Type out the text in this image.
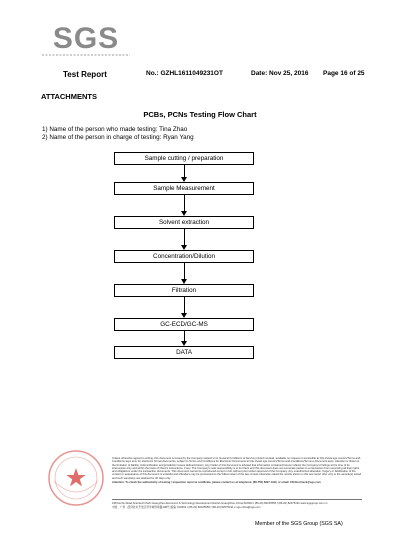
SGS
Test Report	No.: GZHL1611049231OT	Date: Nov 25, 2016 Page 16 of 25
ATTACHMENTS
PCBs, PCNs Testing Flow Chart
1) Name of the person who made testing: Tina Zhao
2) Name of the person in charge of testing: Ryan Yang
Sample cutting / preparation
Sample Measurement
Solvent extraction
Concentration/Dilution
Filtration
GC-ECD/GC-MS
DATA
Unless otherwise agreed in writing, this document is issued by the Company subject to its General Conditions of Service printed overleaf, available on request or accessible at http://www.sgs.com/en/Terms-and-Conditions.aspx and, for electronic format documents, subject to Terms and Conditions for Electronic Documents at http://www.sgs.com/en/Terms-and-Conditions/Terms-e-Document.aspx. Attention is drawn to the limitation of liability, indemnification and jurisdiction issues defined therein. Any holder of this document is advised that information contained hereon reflects the Company's findings at the time of its intervention only and within the limits of Client's instructions, if any. The Company's sole responsibility is to its Client and this document does not exonerate parties to a transaction from exercising all their rights and obligations under the transaction documents. This document cannot be reproduced except in full, without prior written approval of the Company. Any unauthorized alteration, forgery or falsification of the content or appearance of this document is unlawful and offenders may be prosecuted to the fullest extent of the law. Unless otherwise stated the results shown in this test report refer only to the sample(s) tested and such sample(s) are retained for 30 days only.
Attention: To check the authenticity of testing / inspection report & certificate, please contact us at telephone: (86-755) 8307 1443, or email: CN.Doccheck@sgs.com
198 Kezhu Road,Scientech Park Guangzhou Economic & Technology Development District,Guangzhou,China 510663 t (86-20) 82155555 f (86-20) 82075191 www.sgsgroup.com.cn
中国 · 广州 · 经济技术开发区科学城科珠路198号 邮编: 510663 t (86-20) 82155555 f (86-20) 82075191 e sgs.china@sgs.com
Member of the SGS Group (SGS SA)
